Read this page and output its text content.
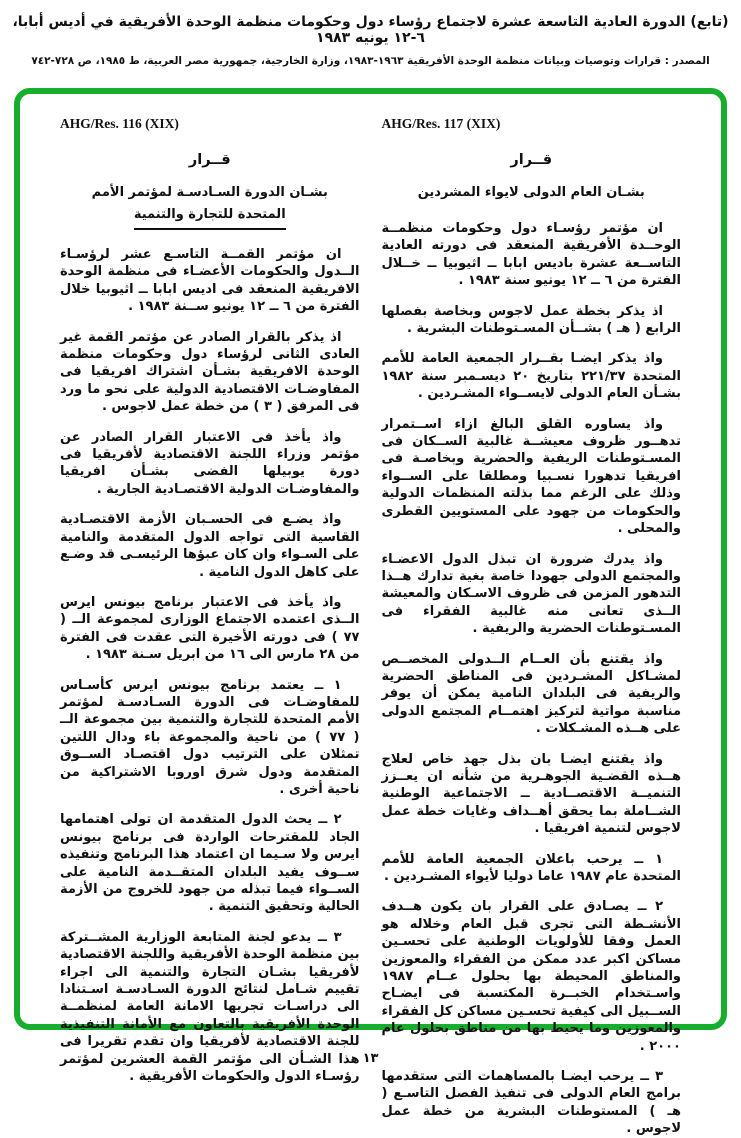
(تابع) الدورة العادية التاسعة عشرة لاجتماع رؤساء دول وحكومات منظمة الوحدة الأفريقية في أديس أبابا، ٦-١٢ يونيه ١٩٨٣
المصدر : قرارات وتوصيات وبيانات منظمة الوحدة الأفريقية ١٩٦٣-١٩٨٣، وزارة الخارجية، جمهورية مصر العربية، ط ١٩٨٥، ص ٧٢٨-٧٤٢
AHG/Res. 116 (XIX)
قــرار
بشـان الدورة السـادسـة لمؤتمر الأمم
المتحدة للتجارة والتنمية

ان مؤتمر القمــة التاسـع عشر لرؤسـاء الــدول والحكومات الأعضـاء فى منظمة الوحدة الافريقية المنعقد فى اديس ابابا ــ اثيوبيا خلال الفترة من ٦ ــ ١٢ يونيو ســنة ١٩٨٣ .

اذ يذكر بالقرار الصادر عن مؤتمر القمة غير العادى الثانى لرؤساء دول وحكومات منظمة الوحدة الافريقية بشـأن اشتراك افريقيا فى المفاوضـات الاقتصادية الدولية على نحو ما ورد فى المرفق ( ٣ ) من خطة عمل لاجوس .

واذ يأخذ فى الاعتبار القرار الصادر عن مؤتمر وزراء اللجنة الاقتصادية لأفريقيا فى دورة يوبيلها الفضى بشـأن افريقيا والمفاوضـات الدولية الاقتصـادية الجارية .

واذ يضـع فى الحسـبان الأزمة الاقتصـادية القاسية التى تواجه الدول المتقدمة والنامية على السـواء وان كان عبؤها الرئيسـى قد وضـع على كاهل الدول النامية .

واذ يأخذ فى الاعتبار برنامج بيونس ايرس الــذى اعتمده الاجتماع الوزارى لمجموعة الــ ( ٧٧ ) فى دورته الأخيرة التى عقدت فى الفترة من ٢٨ مارس الى ١٦ من ابريل سـنة ١٩٨٣ .

١ ــ يعتمد برنامج بيونس ايرس كأسـاس للمفاوضـات فى الدورة السـادسـة لمؤتمر الأمم المتحدة للتجارة والتنمية بين مجموعة الــ ( ٧٧ ) من ناحية والمجموعة باء ودال اللتين تمثلان على الترتيب دول اقتصـاد الســوق المتقدمة ودول شرق اوروبا الاشتراكية من ناحية أخرى .

٢ ــ يحث الدول المتقدمة ان تولى اهتمامها الجاد للمقترحات الواردة فى برنامج بيونس ايرس ولا سـيما ان اعتماد هذا البرنامج وتنفيذه ســوف يفيد البلدان المتقــدمة النامية على الســواء فيما تبذله من جهود للخروج من الأزمة الحالية وتحقيق التنمية .

٣ ــ يدعو لجنة المتابعة الوزارية المشــتركة بين منظمة الوحدة الأفريقية واللجنة الاقتصادية لأفريقيا بشـان التجارة والتنمية الى اجراء تقييم شـامل لنتائج الدورة السـادسـة اسـتنادا الى دراسـات تجريها الامانة العامة لمنظمــة الوحدة الأفريقية بالتعاون مع الأمانة التنفيذية للجنة الاقتصادية لأفريقيا وان تقدم تقريرا فى هذا الشـأن الى مؤتمر القمة العشرين لمؤتمر رؤسـاء الدول والحكومات الأفريقية .

AHG/Res. 117 (XIX)
قــرار
بشـان العام الدولى لايواء المشردين

ان مؤتمر رؤسـاء دول وحكومات منظمــة الوحــدة الأفريقية المنعقد فى دورته العادية التاســعة عشرة باديس ابابا ــ اثيوبيا ــ خــلال الفترة من ٦ ــ ١٢ يونيو سنة ١٩٨٣ .

اذ يذكر بخطة عمل لاجوس وبخاصة بفصلها الرابع ( هـ ) بشــأن المسـتوطنات البشرية .

واذ يذكر ايضـا بقــرار الجمعية العامة للأمم المتحدة ٢٢١/٣٧ بتاريخ ٢٠ ديسـمبر سنة ١٩٨٢ بشـأن العام الدولى لايســواء المشـردين .

واذ يساوره القلق البالغ ازاء اســتمرار تدهــور ظروف معيشــة غالبية الســكان فى المسـتوطنات الريفية والحضرية وبخاصـة فى افريقيا تدهورا نسـبيا ومطلقا على الســواء وذلك على الرغم مما بذلته المنظمات الدولية والحكومات من جهود على المستويين القطرى والمحلى .

واذ يدرك ضرورة ان تبذل الدول الاعضـاء والمجتمع الدولى جهودا خاصة بغية تدارك هــذا التدهور المزمن فى ظروف الاسـكان والمعيشة الــذى تعانى منه غالبية الفقراء فى المسـتوطنات الحضرية والريفية .

واذ يقتنع بأن العــام الــدولى المخصــص لمشـاكل المشـردين فى المناطق الحضرية والريفية فى البلدان النامية يمكن أن يوفر مناسبة مواتية لتركيز اهتمــام المجتمع الدولى على هــذه المشـكلات .

واذ يقتنع ايضـا بان بذل جهد خاص لعلاج هــذه القضـية الجوهـرية من شأنه ان يعــزز التنميــة الاقتصــادية ــ الاجتماعية الوطنية الشــاملة بما يحقق أهــداف وغايات خطة عمل لاجوس لتنمية افريقيا .

١ ــ يرحب باعلان الجمعية العامة للأمم المتحدة عام ١٩٨٧ عاما دوليا لأيواء المشـردين .

٢ ــ يصـادق على القرار بان يكون هــدف الأنشـطة التى تجرى قبل العام وخلاله هو العمل وفقا للأولويات الوطنية على تحسـين مساكن اكبر عدد ممكن من الفقراء والمعوزين والمناطق المحيطة بها بحلول عــام ١٩٨٧ واسـتخدام الخبــرة المكتسبة فى ايضـاح الســبيل الى كيفية تحسـين مساكن كل الفقراء والمعوزين وما يحيط بها من مناطق بحلول عام ٢٠٠٠ .

٣ ــ يرحب ايضـا بالمساهمات التى ستقدمها برامج العام الدولى فى تنفيذ الفصل التاسـع ( هـ ) المستوطنات البشرية من خطة عمل لاجوس .

١٣
